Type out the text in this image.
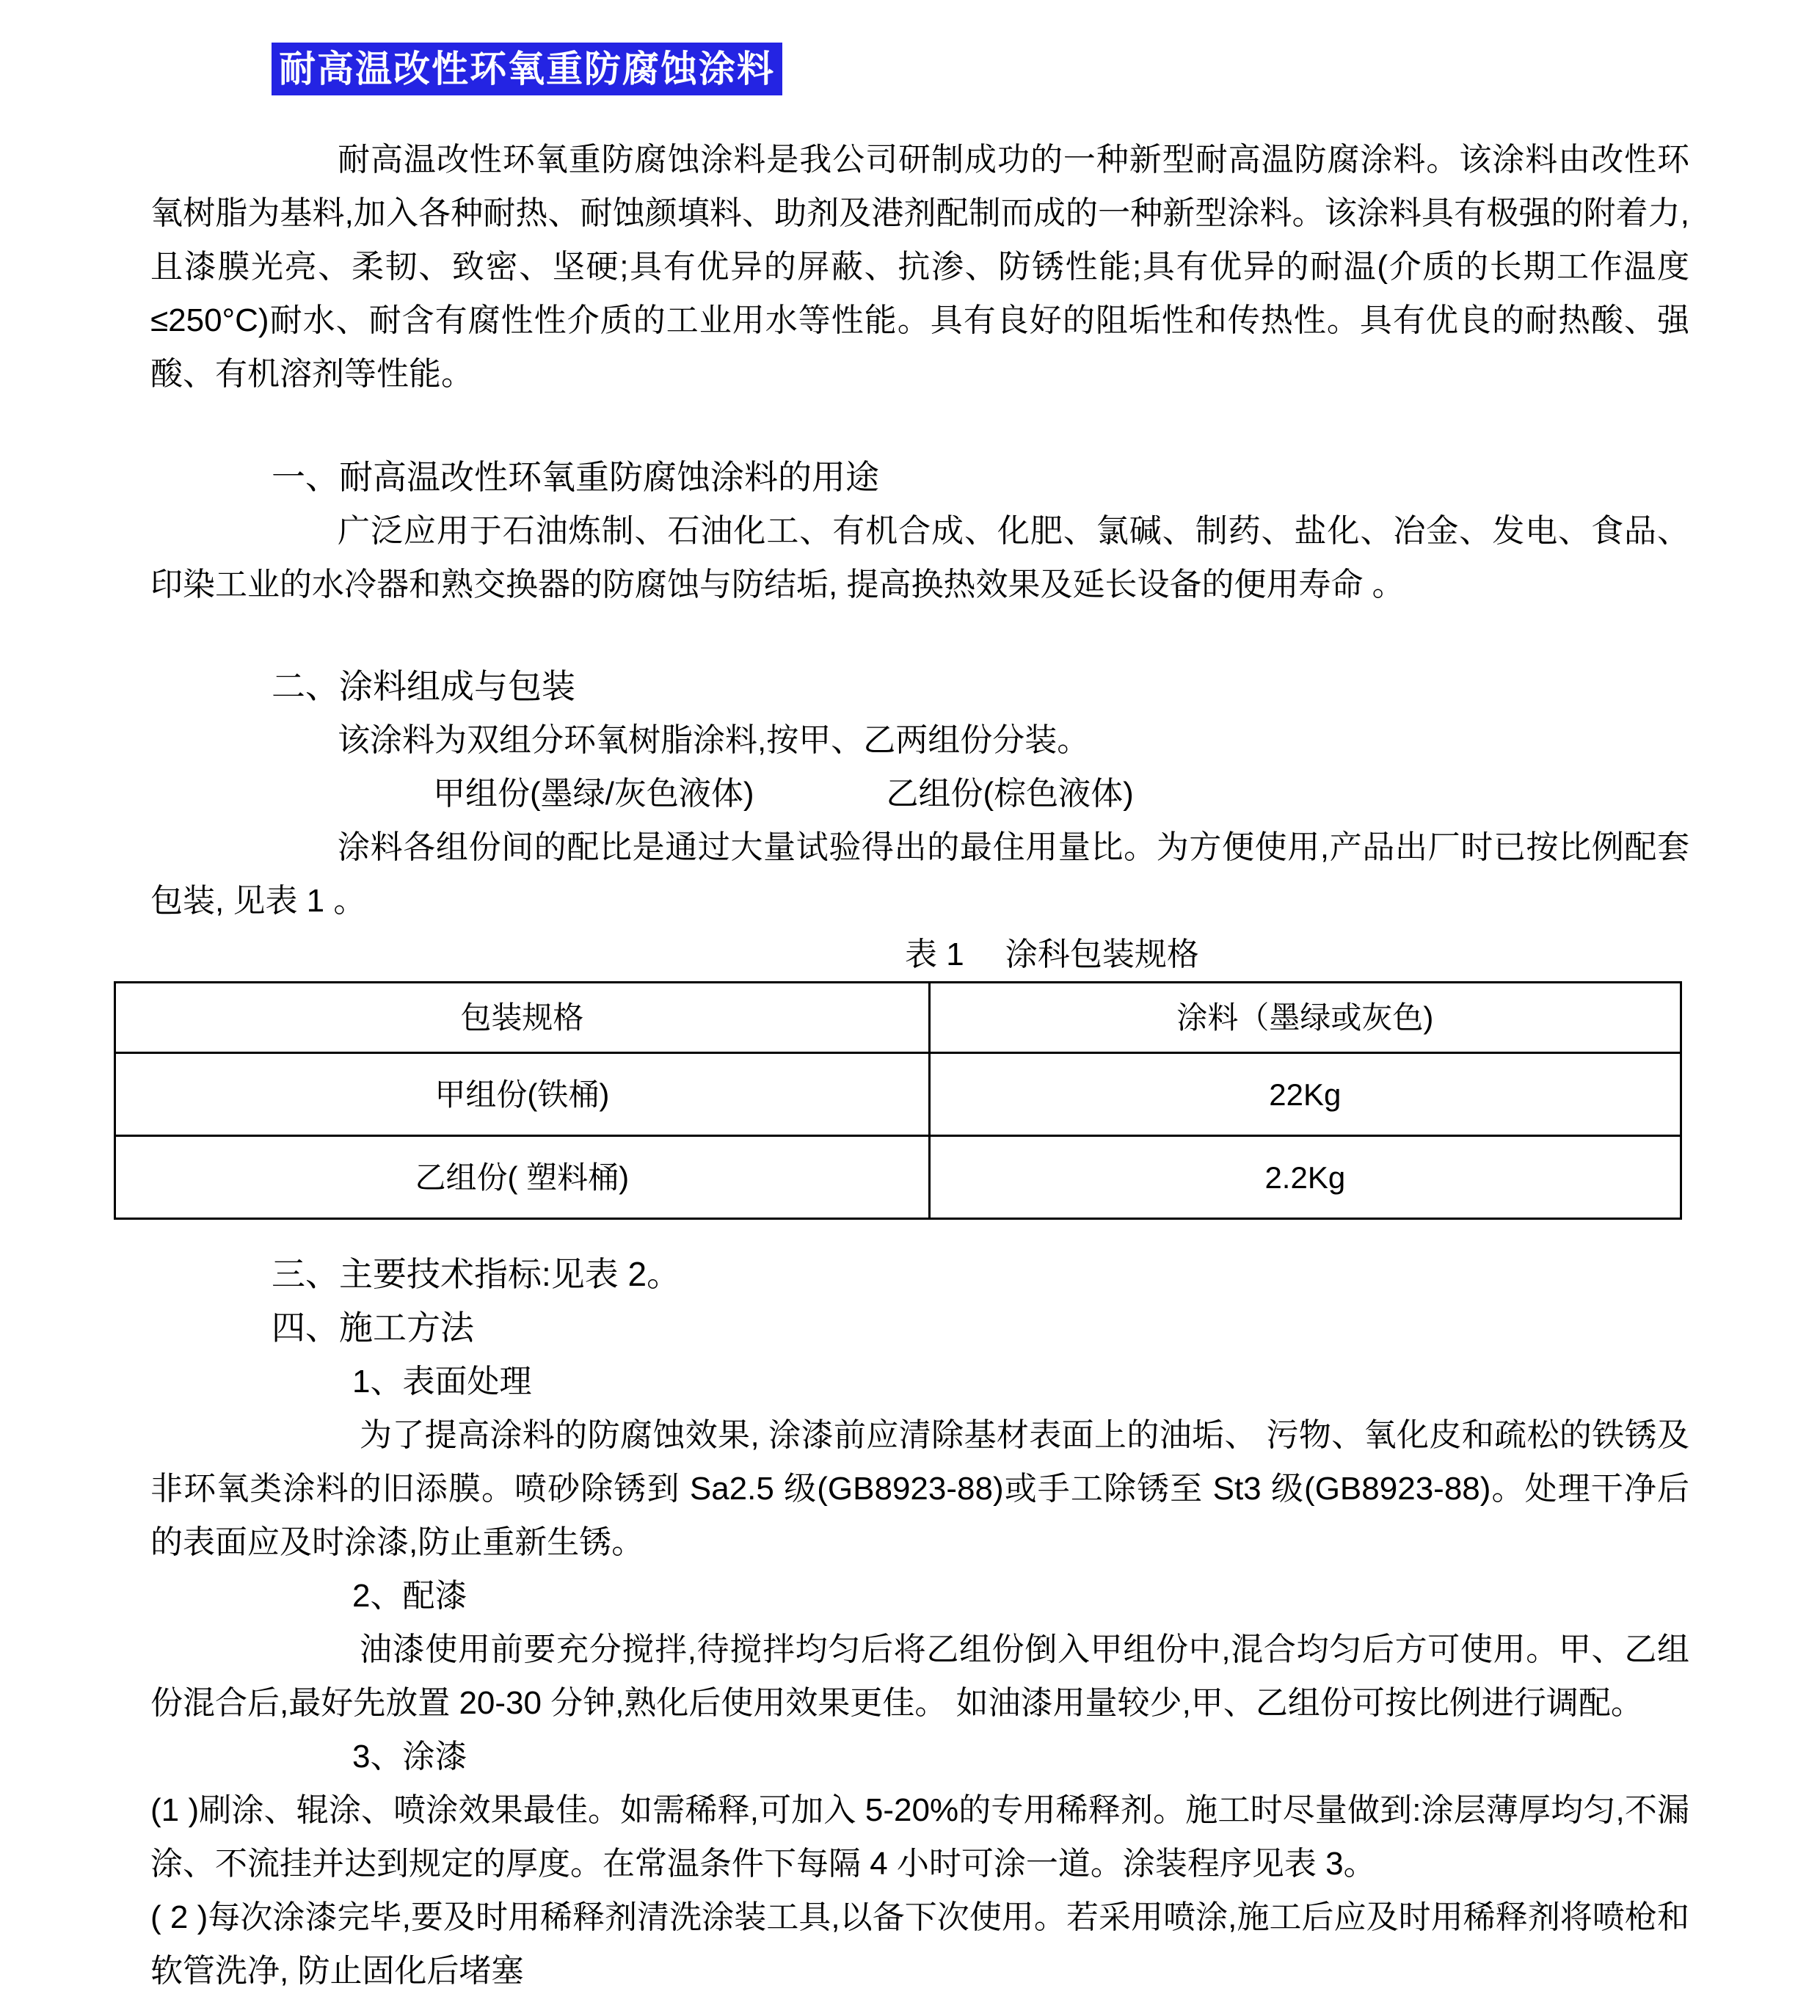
耐高温改性环氧重防腐蚀涂料

耐高温改性环氧重防腐蚀涂料是我公司研制成功的一种新型耐高温防腐涂料。该涂料由改性环氧树脂为基料,加入各种耐热、耐蚀颜填料、助剂及港剂配制而成的一种新型涂料。该涂料具有极强的附着力,且漆膜光亮、柔韧、致密、坚硬;具有优异的屏蔽、抗渗、防锈性能;具有优异的耐温(介质的长期工作温度≤250°C)耐水、耐含有腐性性介质的工业用水等性能。具有良好的阻垢性和传热性。具有优良的耐热酸、强酸、有机溶剂等性能。

一、耐高温改性环氧重防腐蚀涂料的用途

广泛应用于石油炼制、石油化工、有机合成、化肥、氯碱、制药、盐化、冶金、发电、食品、印染工业的水冷器和熟交换器的防腐蚀与防结垢, 提高换热效果及延长设备的便用寿命 。

二、涂料组成与包装

该涂料为双组分环氧树脂涂料,按甲、乙两组份分装。

甲组份(墨绿/灰色液体)	乙组份(棕色液体)

涂料各组份间的配比是通过大量试验得出的最住用量比。为方便使用,产品出厂时已按比例配套包装, 见表 1 。

表 1　 涂科包装规格

包装规格	涂料（墨绿或灰色)
甲组份(铁桶)	22Kg
乙组份( 塑料桶)	2.2Kg

三、主要技术指标:见表 2。

四、施工方法

1、表面处理

为了提高涂料的防腐蚀效果, 涂漆前应清除基材表面上的油垢、 污物、氧化皮和疏松的铁锈及非环氧类涂料的旧添膜。喷砂除锈到 Sa2.5 级(GB8923-88)或手工除锈至 St3 级(GB8923-88)。处理干净后的表面应及时涂漆,防止重新生锈。

2、配漆

油漆使用前要充分搅拌,待搅拌均匀后将乙组份倒入甲组份中,混合均匀后方可使用。甲、乙组份混合后,最好先放置 20-30 分钟,熟化后使用效果更佳。 如油漆用量较少,甲、乙组份可按比例进行调配。

3、涂漆

(1 )刷涂、辊涂、喷涂效果最佳。如需稀释,可加入 5-20%的专用稀释剂。施工时尽量做到:涂层薄厚均匀,不漏涂、不流挂并达到规定的厚度。在常温条件下每隔 4 小时可涂一道。涂装程序见表 3。

( 2 )每次涂漆完毕,要及时用稀释剂清洗涂装工具,以备下次使用。若采用喷涂,施工后应及时用稀释剂将喷枪和软管洗净, 防止固化后堵塞
